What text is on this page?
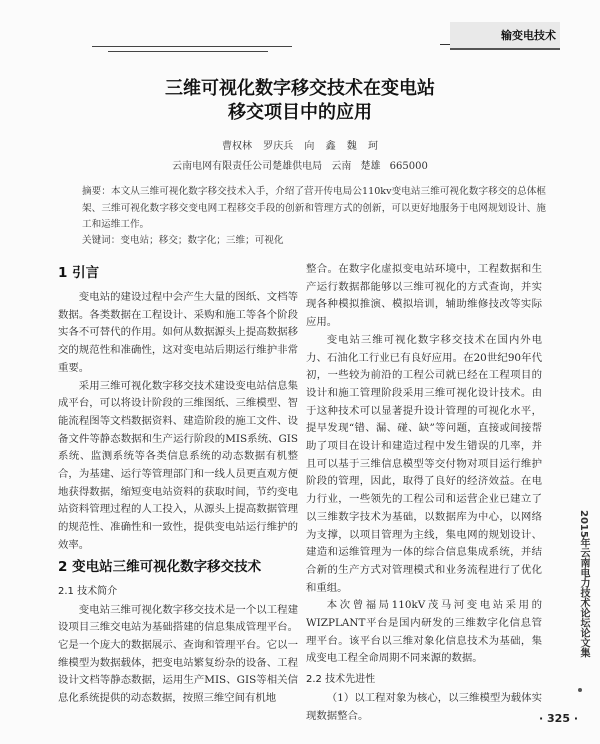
输变电技术
三维可视化数字移交技术在变电站
移交项目中的应用
曹权林 罗庆兵 向 鑫 魏 珂
云南电网有限责任公司楚雄供电局 云南 楚雄 665000
摘要：本文从三维可视化数字移交技术入手，介绍了营开传电局公110kv变电站三维可视化数字移交的总体框架、三维可视化数字移交变电网工程移交手段的创新和管理方式的创新，可以更好地服务于电网规划设计、施工和运维工作。
关键词：变电站；移交；数字化；三维；可视化
1 引言

变电站的建设过程中会产生大量的图纸、文档等数据。各类数据在工程设计、采购和施工等各个阶段实各不可替代的作用。如何从数据源头上提高数据移交的规范性和准确性，这对变电站后期运行维护非常重要。

采用三维可视化数字移交技术建设变电站信息集成平台，可以将设计阶段的三维图纸、三维模型、智能流程图等文档数据资料、建造阶段的施工文件、设备文件等静态数据和生产运行阶段的MIS系统、GIS系统、监测系统等各类信息系统的动态数据有机整合，为基建、运行等管理部门和一线人员更直观方便地获得数据，缩短变电站资料的获取时间，节约变电站资料管理过程的人工投入，从源头上提高数据管理的规范性、准确性和一致性，提供变电站运行维护的效率。

2 变电站三维可视化数字移交技术
2.1 技术简介

变电站三维可视化数字移交技术是一个以工程建设项目三维交电站为基础搭建的信息集成管理平台。它是一个庞大的数据展示、查询和管理平台。它以一维模型为数据载体，把变电站繁复纷杂的设备、工程设计文档等静态数据，运用生产MIS、GIS等相关信息化系统提供的动态数据，按照三维空间有机地

整合。在数字化虚拟变电站环境中，工程数据和生产运行数据都能够以三维可视化的方式查询，并实现各种模拟推演、模拟培训，辅助维修技改等实际应用。

变电站三维可视化数字移交技术在国内外电力、石油化工行业已有良好应用。在20世纪90年代初，一些较为前沿的工程公司就已经在工程项目的设计和施工管理阶段采用三维可视化设计技术。由于这种技术可以显著提升设计管理的可视化水平，提早发现“错、漏、碰、缺”等问题，直接或间接帮助了项目在设计和建造过程中发生错误的几率，并且可以基于三维信息模型等交付物对项目运行维护阶段的管理，因此，取得了良好的经济效益。在电力行业，一些领先的工程公司和运营企业已建立了以三维数字技术为基础，以数据库为中心，以网络为支撑，以项目管理为主线，集电网的规划设计、建造和运维管理为一体的综合信息集成系统，并结合新的生产方式对管理模式和业务流程进行了优化和重组。

本次曾福局110kV茂马河变电站采用的WIZPLANT平台是国内研发的三维数字化信息管理平台。该平台以三维对象化信息技术为基础，集成变电工程全命周期不同来源的数据。

2.2 技术先进性

（1）以工程对象为核心，以三维模型为载体实现数据整合。

2015年云南电力技术论坛论文集
· 325 ·
